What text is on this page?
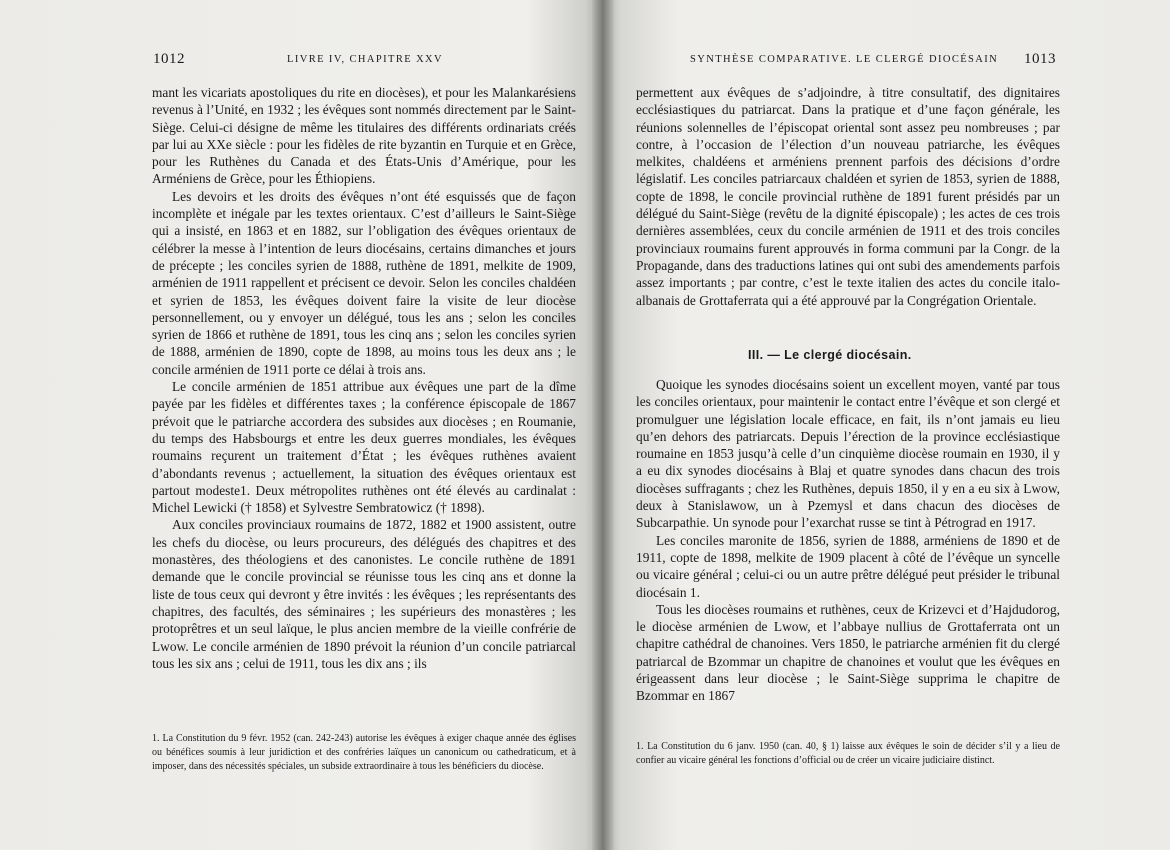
1012	LIVRE IV, CHAPITRE XXV

mant les vicariats apostoliques du rite en diocèses), et pour les Malankarésiens revenus à l’Unité, en 1932 ; les évêques sont nommés directement par le Saint-Siège. Celui-ci désigne de même les titulaires des différents ordinariats créés par lui au XXe siècle : pour les fidèles de rite byzantin en Turquie et en Grèce, pour les Ruthènes du Canada et des États-Unis d’Amérique, pour les Arméniens de Grèce, pour les Éthiopiens.

Les devoirs et les droits des évêques n’ont été esquissés que de façon incomplète et inégale par les textes orientaux. C’est d’ailleurs le Saint-Siège qui a insisté, en 1863 et en 1882, sur l’obligation des évêques orientaux de célébrer la messe à l’intention de leurs diocésains, certains dimanches et jours de précepte ; les conciles syrien de 1888, ruthène de 1891, melkite de 1909, arménien de 1911 rappellent et précisent ce devoir. Selon les conciles chaldéen et syrien de 1853, les évêques doivent faire la visite de leur diocèse personnellement, ou y envoyer un délégué, tous les ans ; selon les conciles syrien de 1866 et ruthène de 1891, tous les cinq ans ; selon les conciles syrien de 1888, arménien de 1890, copte de 1898, au moins tous les deux ans ; le concile arménien de 1911 porte ce délai à trois ans.

Le concile arménien de 1851 attribue aux évêques une part de la dîme payée par les fidèles et différentes taxes ; la conférence épiscopale de 1867 prévoit que le patriarche accordera des subsides aux diocèses ; en Roumanie, du temps des Habsbourgs et entre les deux guerres mondiales, les évêques roumains reçurent un traitement d’État ; les évêques ruthènes avaient d’abondants revenus ; actuellement, la situation des évêques orientaux est partout modeste1. Deux métropolites ruthènes ont été élevés au cardinalat : Michel Lewicki († 1858) et Sylvestre Sembratowicz († 1898).

Aux conciles provinciaux roumains de 1872, 1882 et 1900 assistent, outre les chefs du diocèse, ou leurs procureurs, des délégués des chapitres et des monastères, des théologiens et des canonistes. Le concile ruthène de 1891 demande que le concile provincial se réunisse tous les cinq ans et donne la liste de tous ceux qui devront y être invités : les évêques ; les représentants des chapitres, des facultés, des séminaires ; les supérieurs des monastères ; les protoprêtres et un seul laïque, le plus ancien membre de la vieille confrérie de Lwow. Le concile arménien de 1890 prévoit la réunion d’un concile patriarcal tous les six ans ; celui de 1911, tous les dix ans ; ils

1. La Constitution du 9 févr. 1952 (can. 242-243) autorise les évêques à exiger chaque année des églises ou bénéfices soumis à leur juridiction et des confréries laïques un canonicum ou cathedraticum, et à imposer, dans des nécessités spéciales, un subside extraordinaire à tous les bénéficiers du diocèse.
SYNTHÈSE COMPARATIVE. LE CLERGÉ DIOCÉSAIN 1013

permettent aux évêques de s’adjoindre, à titre consultatif, des dignitaires ecclésiastiques du patriarcat. Dans la pratique et d’une façon générale, les réunions solennelles de l’épiscopat oriental sont assez peu nombreuses ; par contre, à l’occasion de l’élection d’un nouveau patriarche, les évêques melkites, chaldéens et arméniens prennent parfois des décisions d’ordre législatif. Les conciles patriarcaux chaldéen et syrien de 1853, syrien de 1888, copte de 1898, le concile provincial ruthène de 1891 furent présidés par un délégué du Saint-Siège (revêtu de la dignité épiscopale) ; les actes de ces trois dernières assemblées, ceux du concile arménien de 1911 et des trois conciles provinciaux roumains furent approuvés in forma communi par la Congr. de la Propagande, dans des traductions latines qui ont subi des amendements parfois assez importants ; par contre, c’est le texte italien des actes du concile italo-albanais de Grottaferrata qui a été approuvé par la Congrégation Orientale.

III. — Le clergé diocésain.

Quoique les synodes diocésains soient un excellent moyen, vanté par tous les conciles orientaux, pour maintenir le contact entre l’évêque et son clergé et promulguer une législation locale efficace, en fait, ils n’ont jamais eu lieu qu’en dehors des patriarcats. Depuis l’érection de la province ecclésiastique roumaine en 1853 jusqu’à celle d’un cinquième diocèse roumain en 1930, il y a eu dix synodes diocésains à Blaj et quatre synodes dans chacun des trois diocèses suffragants ; chez les Ruthènes, depuis 1850, il y en a eu six à Lwow, deux à Stanislawow, un à Pzemysl et dans chacun des diocèses de Subcarpathie. Un synode pour l’exarchat russe se tint à Pétrograd en 1917.

Les conciles maronite de 1856, syrien de 1888, arméniens de 1890 et de 1911, copte de 1898, melkite de 1909 placent à côté de l’évêque un syncelle ou vicaire général ; celui-ci ou un autre prêtre délégué peut présider le tribunal diocésain 1.

Tous les diocèses roumains et ruthènes, ceux de Krizevci et d’Hajdudorog, le diocèse arménien de Lwow, et l’abbaye nullius de Grottaferrata ont un chapitre cathédral de chanoines. Vers 1850, le patriarche arménien fit du clergé patriarcal de Bzommar un chapitre de chanoines et voulut que les évêques en érigeassent dans leur diocèse ; le Saint-Siège supprima le chapitre de Bzommar en 1867

1. La Constitution du 6 janv. 1950 (can. 40, § 1) laisse aux évêques le soin de décider s’il y a lieu de confier au vicaire général les fonctions d’official ou de créer un vicaire judiciaire distinct.
